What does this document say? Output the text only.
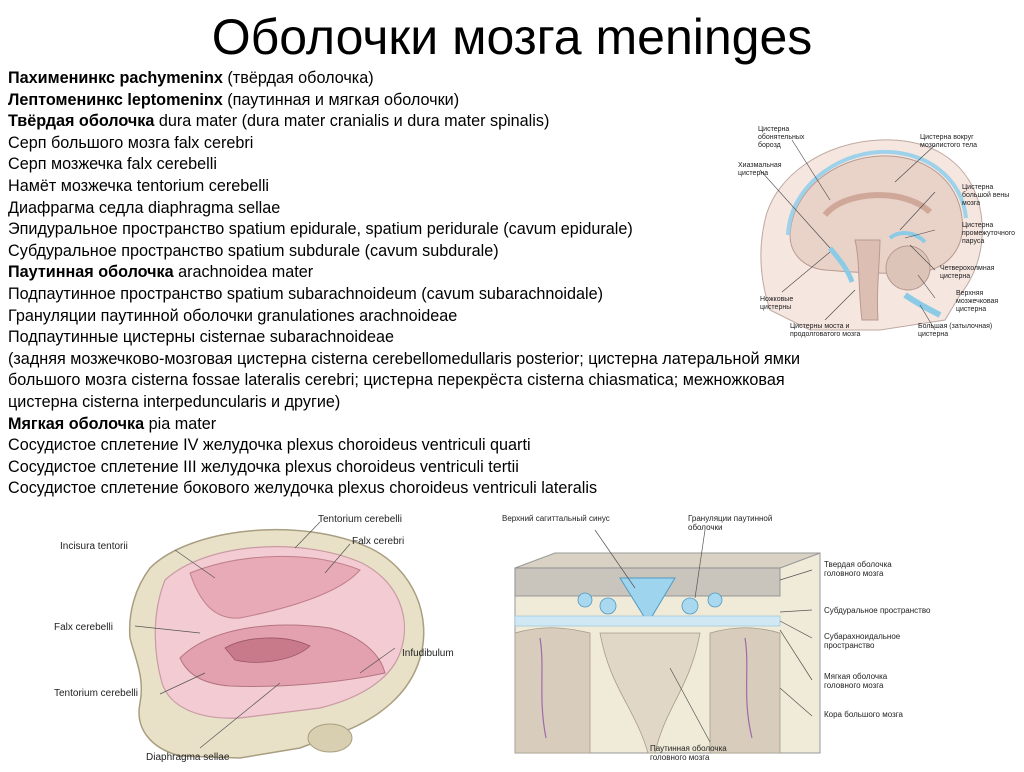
Оболочки мозга meninges
Пахименинкс pachymeninx (твёрдая оболочка)
Лептоменинкс leptomeninx (паутинная и мягкая оболочки)
Твёрдая оболочка dura mater (dura mater cranialis и dura mater spinalis)
Серп большого мозга falx cerebri
Серп мозжечка falx cerebelli
Намёт мозжечка tentorium cerebelli
Диафрагма седла diaphragma sellae
Эпидуральное пространство spatium epidurale, spatium peridurale (cavum epidurale)
Субдуральное пространство spatium subdurale (cavum subdurale)
Паутинная оболочка arachnoidea mater
Подпаутинное пространство spatium subarachnoideum (cavum subarachnoidale)
Грануляции паутинной оболочки granulationes arachnoideae
Подпаутинные цистерны cisternae subarachnoideae
(задняя мозжечково-мозговая цистерна cisterna cerebellomedullaris posterior; цистерна латеральной ямки
большого мозга cisterna fossae lateralis cerebri; цистерна перекрёста cisterna chiasmatica; межножковая
цистерна cisterna interpeduncularis и другие)
Мягкая оболочка pia mater
Сосудистое сплетение IV желудочка plexus choroideus ventriculi quarti
Сосудистое сплетение III желудочка plexus choroideus ventriculi tertii
Сосудистое сплетение бокового желудочка plexus choroideus ventriculi lateralis
Цистерна обонятельных борозд
Цистерна вокруг мозолистого тела
Хиазмальная цистерна
Цистерна большой вены мозга
Цистерна промежуточного паруса
Четверохолмная цистерна
Ножковые цистерны
Верхняя мозжечковая цистерна
Цистерны моста и продолговатого мозга
Большая (затылочная) цистерна
Tentorium cerebelli
Incisura tentorii	Falx cerebri
Falx cerebelli
Infudibulum
Tentorium cerebelli
Diaphragma sellae
Верхний сагиттальный синус	Грануляции паутинной оболочки
Твердая оболочка головного мозга
Субдуральное пространство
Субарахноидальное пространство
Мягкая оболочка головного мозга
Кора большого мозга
Паутинная оболочка головного мозга
